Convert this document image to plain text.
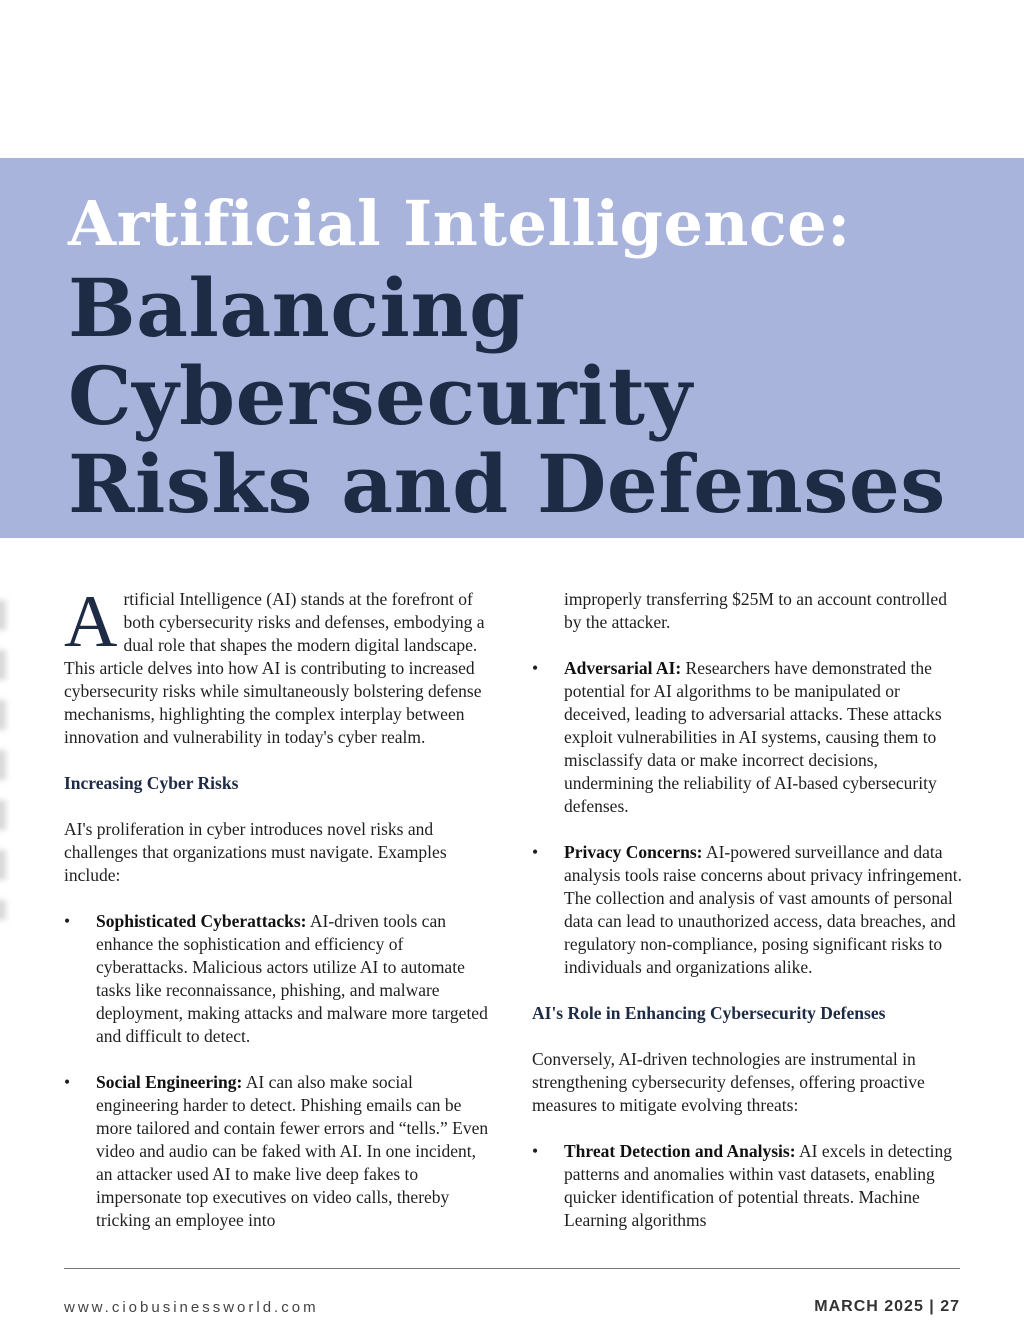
Artificial Intelligence:
Balancing
Cybersecurity
Risks and Defenses

Artificial Intelligence (AI) stands at the forefront of both cybersecurity risks and defenses, embodying a dual role that shapes the modern digital landscape. This article delves into how AI is contributing to increased cybersecurity risks while simultaneously bolstering defense mechanisms, highlighting the complex interplay between innovation and vulnerability in today's cyber realm.

Increasing Cyber Risks

AI's proliferation in cyber introduces novel risks and challenges that organizations must navigate. Examples include:

• Sophisticated Cyberattacks: AI-driven tools can enhance the sophistication and efficiency of cyberattacks. Malicious actors utilize AI to automate tasks like reconnaissance, phishing, and malware deployment, making attacks and malware more targeted and difficult to detect.
• Social Engineering: AI can also make social engineering harder to detect. Phishing emails can be more tailored and contain fewer errors and “tells.” Even video and audio can be faked with AI. In one incident, an attacker used AI to make live deep fakes to impersonate top executives on video calls, thereby tricking an employee into

improperly transferring $25M to an account controlled by the attacker.

• Adversarial AI: Researchers have demonstrated the potential for AI algorithms to be manipulated or deceived, leading to adversarial attacks. These attacks exploit vulnerabilities in AI systems, causing them to misclassify data or make incorrect decisions, undermining the reliability of AI-based cybersecurity defenses.
• Privacy Concerns: AI-powered surveillance and data analysis tools raise concerns about privacy infringement. The collection and analysis of vast amounts of personal data can lead to unauthorized access, data breaches, and regulatory non-compliance, posing significant risks to individuals and organizations alike.

AI's Role in Enhancing Cybersecurity Defenses

Conversely, AI-driven technologies are instrumental in strengthening cybersecurity defenses, offering proactive measures to mitigate evolving threats:

• Threat Detection and Analysis: AI excels in detecting patterns and anomalies within vast datasets, enabling quicker identification of potential threats. Machine Learning algorithms
www.ciobusinessworld.com	MARCH 2025 | 27
